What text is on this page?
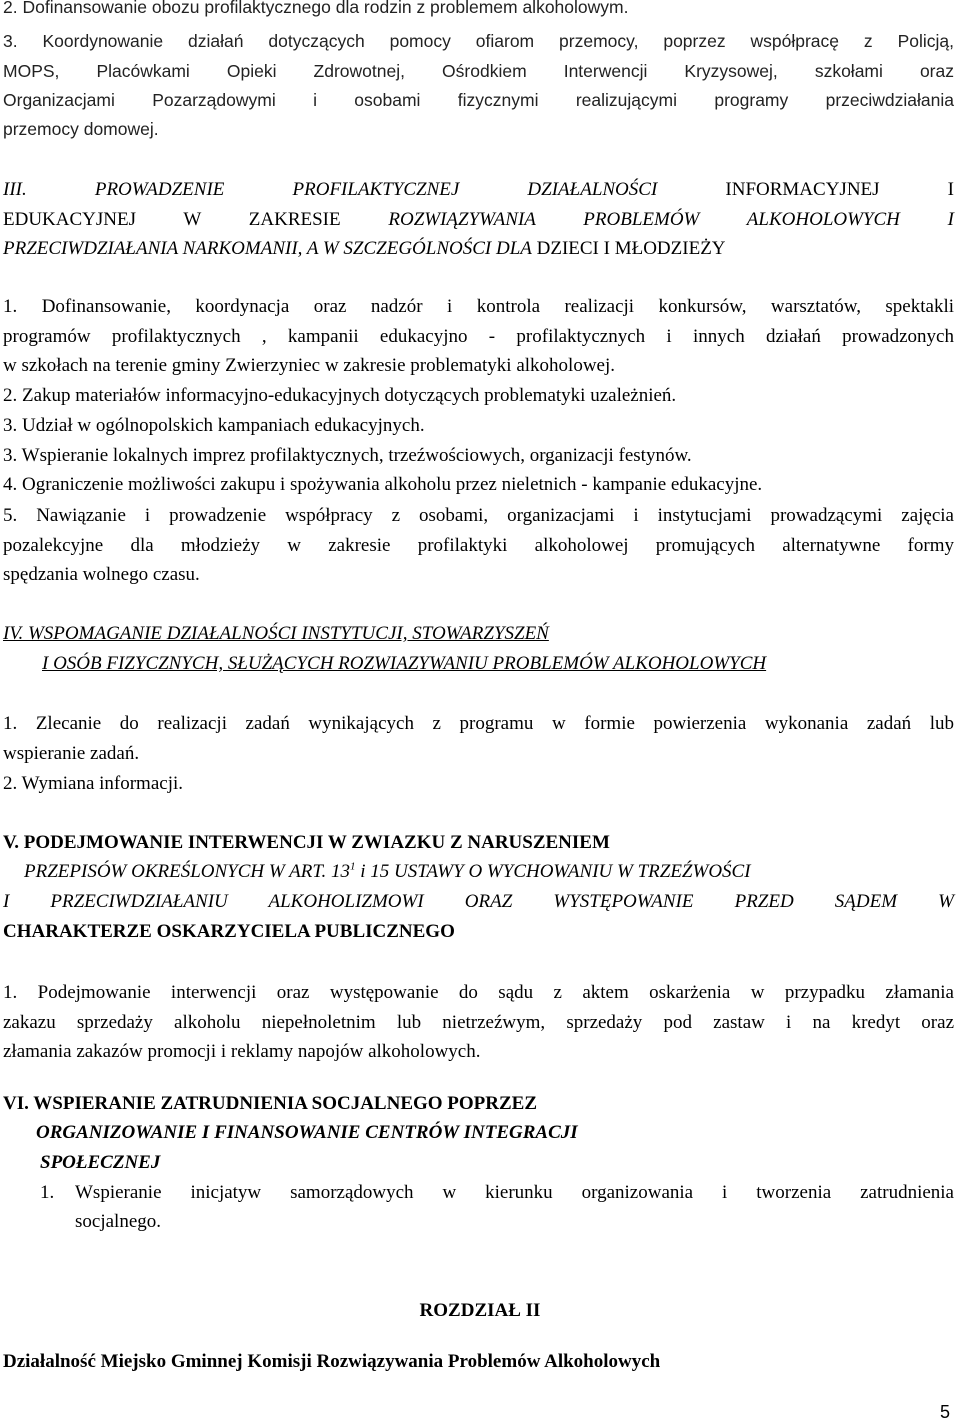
2. Dofinansowanie obozu profilaktycznego dla rodzin z problemem alkoholowym.

3. Koordynowanie działań dotyczących pomocy ofiarom przemocy, poprzez współpracę z Policją,

MOPS, Placówkami Opieki Zdrowotnej, Ośrodkiem Interwencji Kryzysowej, szkołami oraz

Organizacjami Pozarządowymi i osobami fizycznymi realizującymi programy przeciwdziałania

przemocy domowej.

III. PROWADZENIE PROFILAKTYCZNEJ DZIAŁALNOŚCI	INFORMACYJNEJ I

EDUKACYJNEJ W ZAKRESIE	ROZWIĄZYWANIA PROBLEMÓW ALKOHOLOWYCH I

PRZECIWDZIAŁANIA NARKOMANII, A W SZCZEGÓLNOŚCI DLA DZIECI I MŁODZIEŻY

1. Dofinansowanie, koordynacja oraz nadzór i kontrola realizacji konkursów, warsztatów, spektakli

programów profilaktycznych , kampanii edukacyjno - profilaktycznych i innych działań prowadzonych

w szkołach na terenie gminy Zwierzyniec w zakresie problematyki alkoholowej.

2. Zakup materiałów informacyjno-edukacyjnych dotyczących problematyki uzależnień.

3. Udział w ogólnopolskich kampaniach edukacyjnych.

3. Wspieranie lokalnych imprez profilaktycznych, trzeźwościowych, organizacji festynów.

4. Ograniczenie możliwości zakupu i spożywania alkoholu przez nieletnich - kampanie edukacyjne.

5. Nawiązanie i prowadzenie współpracy z osobami, organizacjami i instytucjami prowadzącymi zajęcia

pozalekcyjne dla młodzieży w zakresie profilaktyki alkoholowej promujących alternatywne formy

spędzania wolnego czasu.

IV. WSPOMAGANIE DZIAŁALNOŚCI INSTYTUCJI, STOWARZYSZEŃ

I OSÓB FIZYCZNYCH, SŁUŻĄCYCH ROZWIAZYWANIU PROBLEMÓW ALKOHOLOWYCH

1. Zlecanie do realizacji zadań wynikających z programu w formie powierzenia wykonania zadań lub

wspieranie zadań.

2. Wymiana informacji.

V. PODEJMOWANIE INTERWENCJI W ZWIAZKU Z NARUSZENIEM

PRZEPISÓW OKREŚLONYCH W ART. $13^1$ i 15 USTAWY O WYCHOWANIU W TRZEŹWOŚCI

I PRZECIWDZIAŁANIU ALKOHOLIZMOWI ORAZ WYSTĘPOWANIE PRZED SĄDEM W

CHARAKTERZE OSKARZYCIELA PUBLICZNEGO

1. Podejmowanie interwencji oraz występowanie do sądu z aktem oskarżenia w przypadku złamania

zakazu sprzedaży alkoholu niepełnoletnim lub nietrzeźwym, sprzedaży pod zastaw i na kredyt oraz

złamania zakazów promocji i reklamy napojów alkoholowych.

VI. WSPIERANIE ZATRUDNIENIA SOCJALNEGO POPRZEZ

ORGANIZOWANIE I FINANSOWANIE CENTRÓW INTEGRACJI

SPOŁECZNEJ

1.	Wspieranie inicjatyw samorządowych w kierunku organizowania i tworzenia zatrudnienia

socjalnego.

ROZDZIAŁ II

Działalność Miejsko Gminnej Komisji Rozwiązywania Problemów Alkoholowych

5
